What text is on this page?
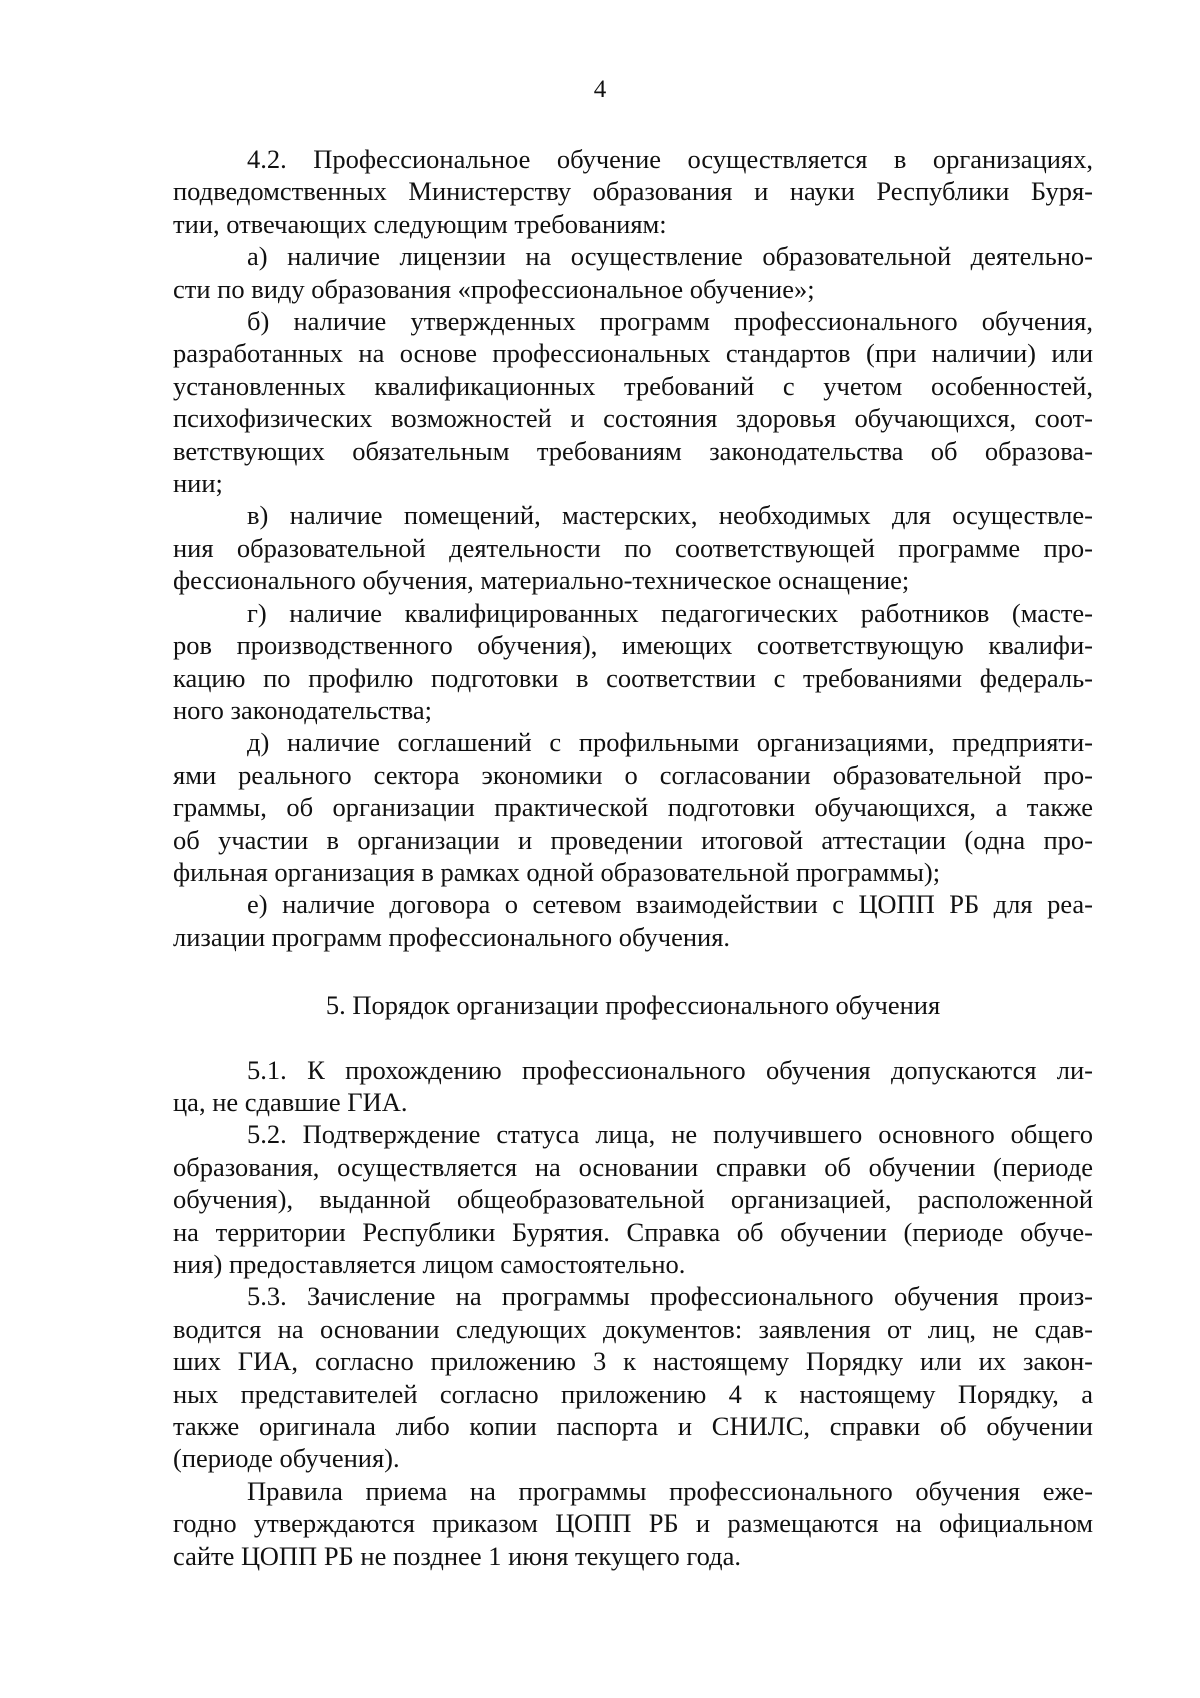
4
4.2. Профессиональное обучение осуществляется в организациях,
подведомственных Министерству образования и науки Республики Буря-
тии, отвечающих следующим требованиям:
а) наличие лицензии на осуществление образовательной деятельно-
сти по виду образования «профессиональное обучение»;
б) наличие утвержденных программ профессионального обучения,
разработанных на основе профессиональных стандартов (при наличии) или
установленных квалификационных требований с учетом особенностей,
психофизических возможностей и состояния здоровья обучающихся, соот-
ветствующих обязательным требованиям законодательства об образова-
нии;
в) наличие помещений, мастерских, необходимых для осуществле-
ния образовательной деятельности по соответствующей программе про-
фессионального обучения, материально-техническое оснащение;
г) наличие квалифицированных педагогических работников (масте-
ров производственного обучения), имеющих соответствующую квалифи-
кацию по профилю подготовки в соответствии с требованиями федераль-
ного законодательства;
д) наличие соглашений с профильными организациями, предприяти-
ями реального сектора экономики о согласовании образовательной про-
граммы, об организации практической подготовки обучающихся, а также
об участии в организации и проведении итоговой аттестации (одна про-
фильная организация в рамках одной образовательной программы);
е) наличие договора о сетевом взаимодействии с ЦОПП РБ для реа-
лизации программ профессионального обучения.
5. Порядок организации профессионального обучения
5.1. К прохождению профессионального обучения допускаются ли-
ца, не сдавшие ГИА.
5.2. Подтверждение статуса лица, не получившего основного общего
образования, осуществляется на основании справки об обучении (периоде
обучения), выданной общеобразовательной организацией, расположенной
на территории Республики Бурятия. Справка об обучении (периоде обуче-
ния) предоставляется лицом самостоятельно.
5.3. Зачисление на программы профессионального обучения произ-
водится на основании следующих документов: заявления от лиц, не сдав-
ших ГИА, согласно приложению 3 к настоящему Порядку или их закон-
ных представителей согласно приложению 4 к настоящему Порядку, а
также оригинала либо копии паспорта и СНИЛС, справки об обучении
(периоде обучения).
Правила приема на программы профессионального обучения еже-
годно утверждаются приказом ЦОПП РБ и размещаются на официальном
сайте ЦОПП РБ не позднее 1 июня текущего года.
